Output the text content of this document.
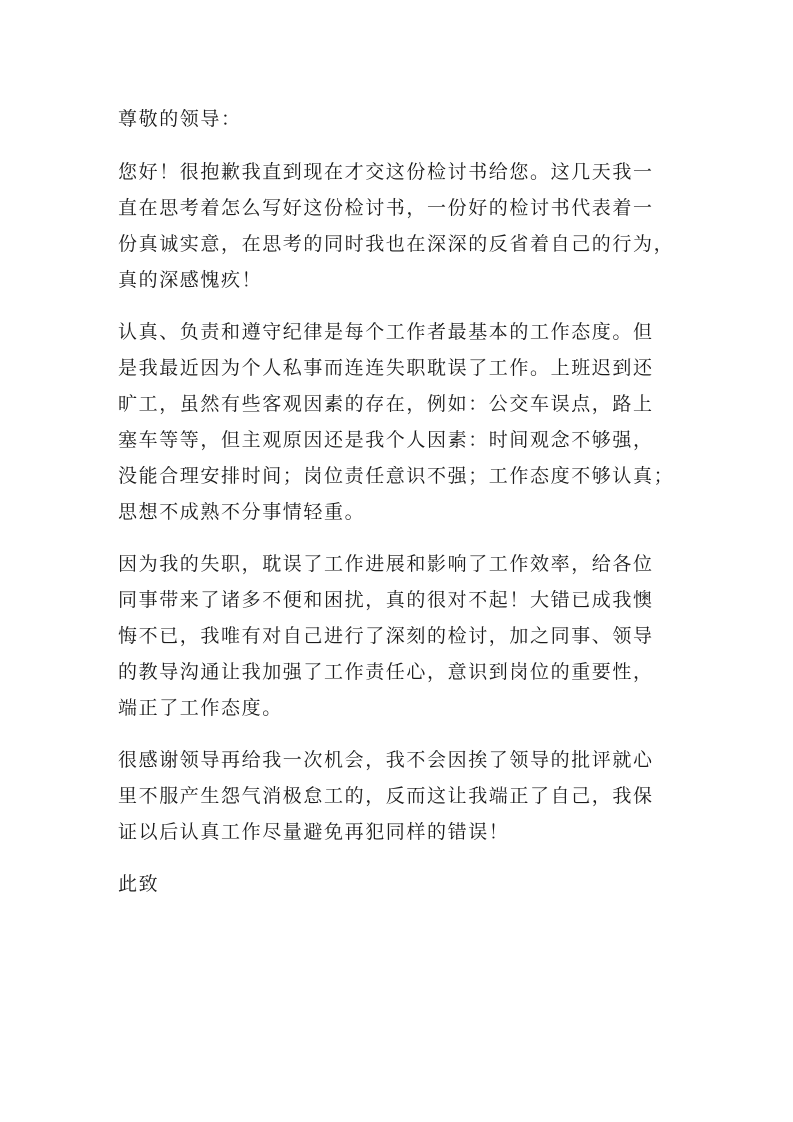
尊敬的领导：
您好！很抱歉我直到现在才交这份检讨书给您。这几天我一
直在思考着怎么写好这份检讨书，一份好的检讨书代表着一
份真诚实意，在思考的同时我也在深深的反省着自己的行为，
真的深感愧疚！
认真、负责和遵守纪律是每个工作者最基本的工作态度。但
是我最近因为个人私事而连连失职耽误了工作。上班迟到还
旷工，虽然有些客观因素的存在，例如：公交车误点，路上
塞车等等，但主观原因还是我个人因素：时间观念不够强，
没能合理安排时间；岗位责任意识不强；工作态度不够认真；
思想不成熟不分事情轻重。
因为我的失职，耽误了工作进展和影响了工作效率，给各位
同事带来了诸多不便和困扰，真的很对不起！大错已成我懊
悔不已，我唯有对自己进行了深刻的检讨，加之同事、领导
的教导沟通让我加强了工作责任心，意识到岗位的重要性，
端正了工作态度。
很感谢领导再给我一次机会，我不会因挨了领导的批评就心
里不服产生怨气消极怠工的，反而这让我端正了自己，我保
证以后认真工作尽量避免再犯同样的错误！
此致
